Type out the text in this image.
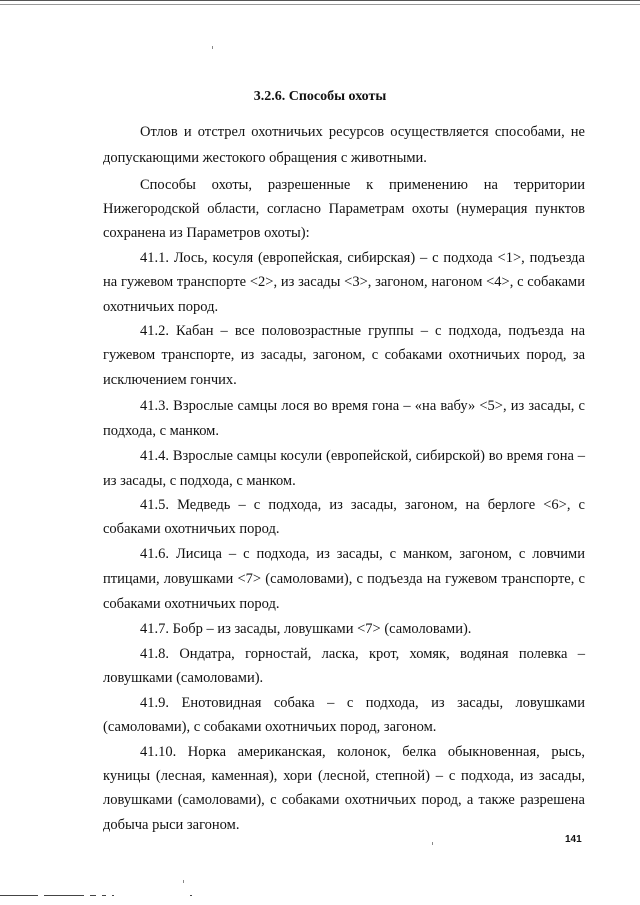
3.2.6. Способы охоты
Отлов и отстрел охотничьих ресурсов осуществляется способами, не
допускающими жестокого обращения с животными.
Способы охоты, разрешенные к применению на территории
Нижегородской области, согласно Параметрам охоты (нумерация пунктов
сохранена из Параметров охоты):
41.1. Лось, косуля (европейская, сибирская) – с подхода <1>, подъезда
на гужевом транспорте <2>, из засады <3>, загоном, нагоном <4>, с собаками
охотничьих пород.
41.2. Кабан – все половозрастные группы – с подхода, подъезда на
гужевом транспорте, из засады, загоном, с собаками охотничьих пород, за
исключением гончих.
41.3. Взрослые самцы лося во время гона – «на вабу» <5>, из засады, с
подхода, с манком.
41.4. Взрослые самцы косули (европейской, сибирской) во время гона –
из засады, с подхода, с манком.
41.5. Медведь – с подхода, из засады, загоном, на берлоге <6>, с
собаками охотничьих пород.
41.6. Лисица – с подхода, из засады, с манком, загоном, с ловчими
птицами, ловушками <7> (самоловами), с подъезда на гужевом транспорте, с
собаками охотничьих пород.
41.7. Бобр – из засады, ловушками <7> (самоловами).
41.8. Ондатра, горностай, ласка, крот, хомяк, водяная полевка –
ловушками (самоловами).
41.9. Енотовидная собака – с подхода, из засады, ловушками
(самоловами), с собаками охотничьих пород, загоном.
41.10. Норка американская, колонок, белка обыкновенная, рысь,
куницы (лесная, каменная), хори (лесной, степной) – с подхода, из засады,
ловушками (самоловами), с собаками охотничьих пород, а также разрешена
добыча рыси загоном.
141
